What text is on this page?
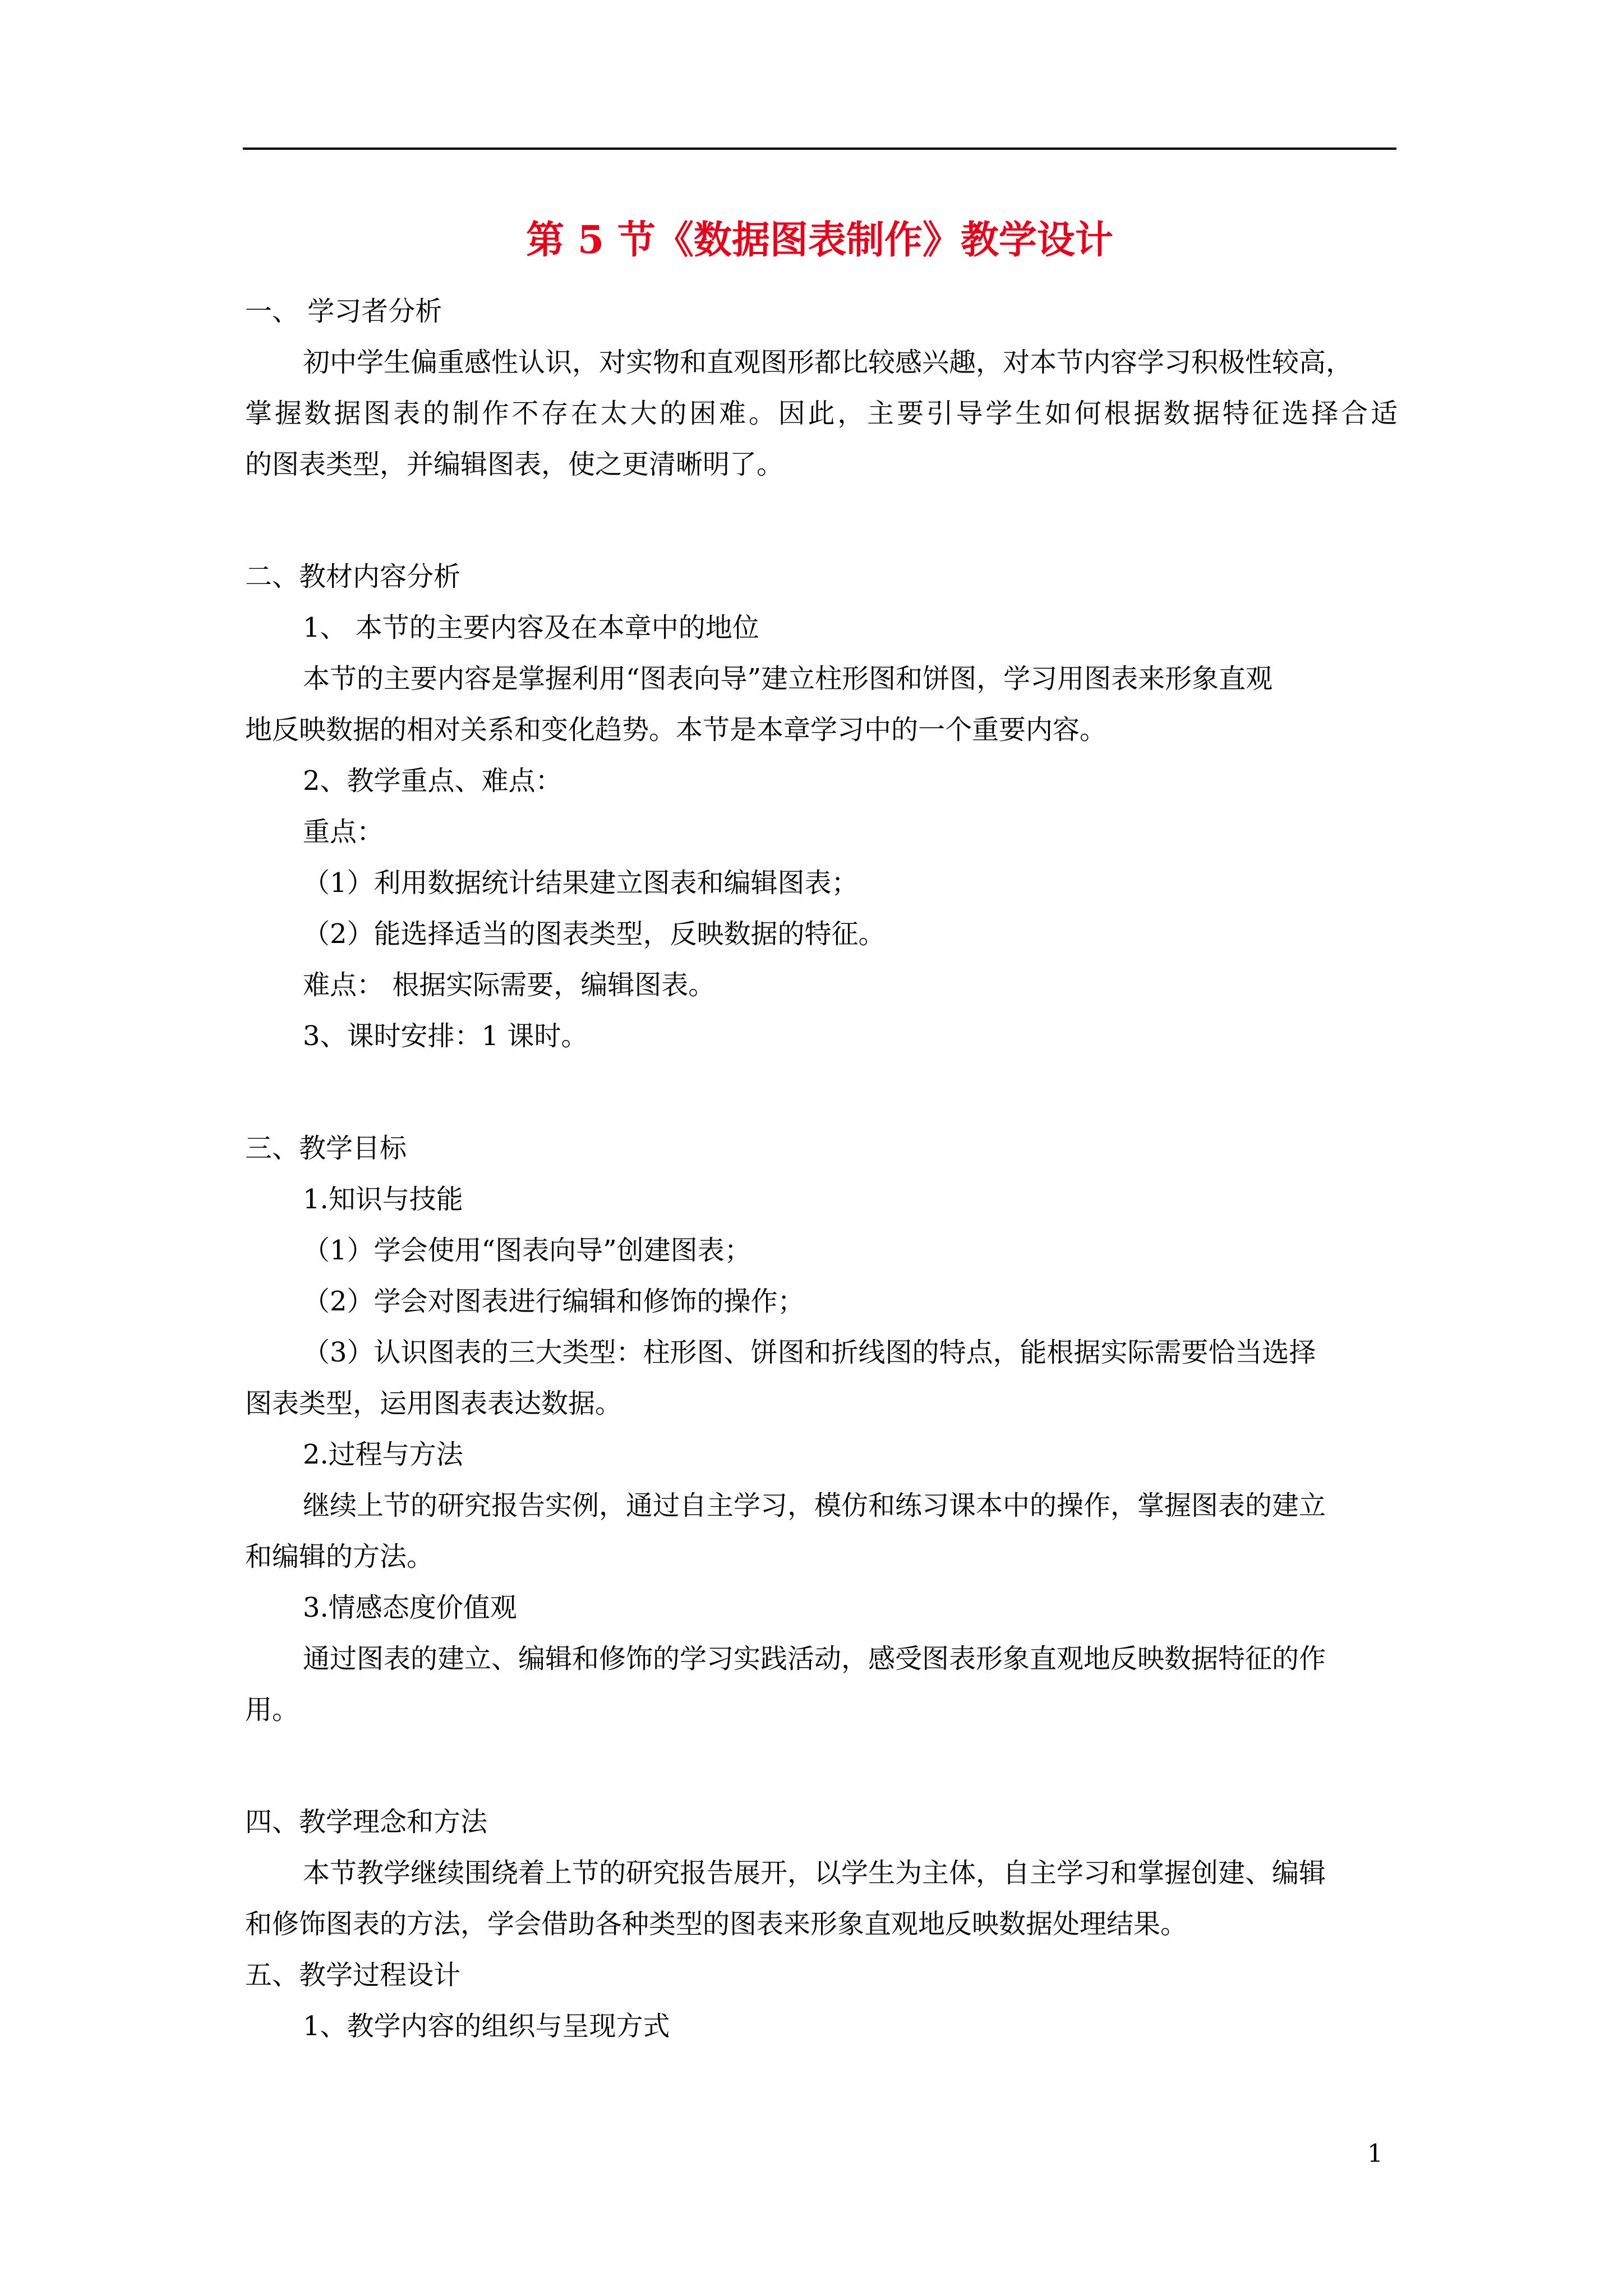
第 5 节《数据图表制作》教学设计
一、 学习者分析
初中学生偏重感性认识，对实物和直观图形都比较感兴趣，对本节内容学习积极性较高，
掌握数据图表的制作不存在太大的困难。因此，主要引导学生如何根据数据特征选择合适
的图表类型，并编辑图表，使之更清晰明了。
二、教材内容分析
1、 本节的主要内容及在本章中的地位
本节的主要内容是掌握利用“图表向导”建立柱形图和饼图，学习用图表来形象直观
地反映数据的相对关系和变化趋势。本节是本章学习中的一个重要内容。
2、教学重点、难点：
重点：
（1）利用数据统计结果建立图表和编辑图表；
（2）能选择适当的图表类型，反映数据的特征。
难点： 根据实际需要，编辑图表。
3、课时安排：1 课时。
三、教学目标
1.知识与技能
（1）学会使用“图表向导”创建图表；
（2）学会对图表进行编辑和修饰的操作；
（3）认识图表的三大类型：柱形图、饼图和折线图的特点，能根据实际需要恰当选择
图表类型，运用图表表达数据。
2.过程与方法
继续上节的研究报告实例，通过自主学习，模仿和练习课本中的操作，掌握图表的建立
和编辑的方法。
3.情感态度价值观
通过图表的建立、编辑和修饰的学习实践活动，感受图表形象直观地反映数据特征的作
用。
四、教学理念和方法
本节教学继续围绕着上节的研究报告展开，以学生为主体，自主学习和掌握创建、编辑
和修饰图表的方法，学会借助各种类型的图表来形象直观地反映数据处理结果。
五、教学过程设计
1、教学内容的组织与呈现方式
1
